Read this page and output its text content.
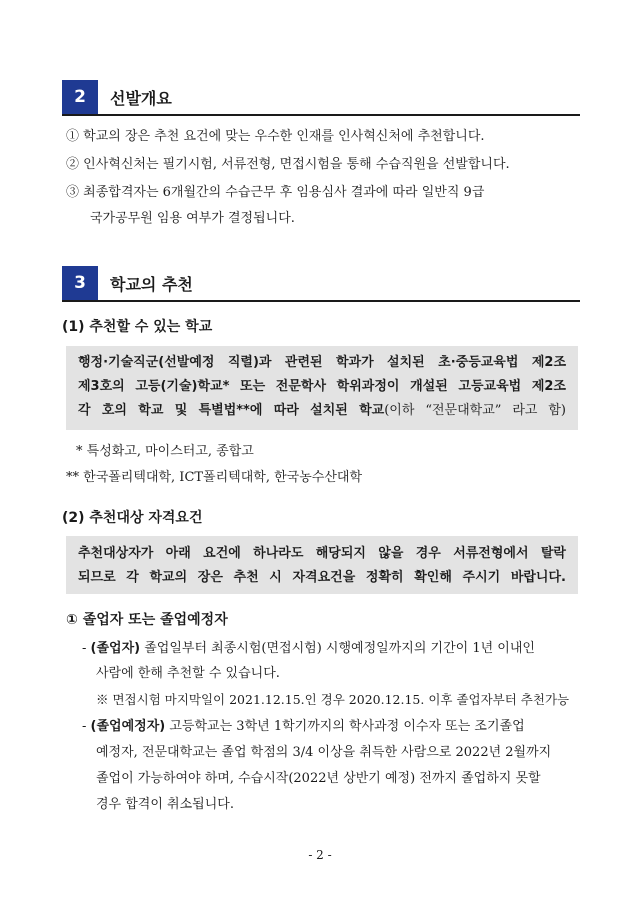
2	선발개요
① 학교의 장은 추천 요건에 맞는 우수한 인재를 인사혁신처에 추천합니다.
② 인사혁신처는 필기시험, 서류전형, 면접시험을 통해 수습직원을 선발합니다.
③ 최종합격자는 6개월간의 수습근무 후 임용심사 결과에 따라 일반직 9급
국가공무원 임용 여부가 결정됩니다.
3	학교의 추천
(1) 추천할 수 있는 학교
행정·기술직군(선발예정 직렬)과 관련된 학과가 설치된 초·중등교육법 제2조
제3호의 고등(기술)학교* 또는 전문학사 학위과정이 개설된 고등교육법 제2조
각 호의 학교 및 특별법**에 따라 설치된 학교(이하 “전문대학교” 라고 함)
* 특성화고, 마이스터고, 종합고
** 한국폴리텍대학, ICT폴리텍대학, 한국농수산대학
(2) 추천대상 자격요건
추천대상자가 아래 요건에 하나라도 해당되지 않을 경우 서류전형에서 탈락
되므로 각 학교의 장은 추천 시 자격요건을 정확히 확인해 주시기 바랍니다.
① 졸업자 또는 졸업예정자
- (졸업자) 졸업일부터 최종시험(면접시험) 시행예정일까지의 기간이 1년 이내인
사람에 한해 추천할 수 있습니다.
※ 면접시험 마지막일이 2021.12.15.인 경우 2020.12.15. 이후 졸업자부터 추천가능
- (졸업예정자) 고등학교는 3학년 1학기까지의 학사과정 이수자 또는 조기졸업
예정자, 전문대학교는 졸업 학점의 3/4 이상을 취득한 사람으로 2022년 2월까지
졸업이 가능하여야 하며, 수습시작(2022년 상반기 예정) 전까지 졸업하지 못할
경우 합격이 취소됩니다.
- 2 -
